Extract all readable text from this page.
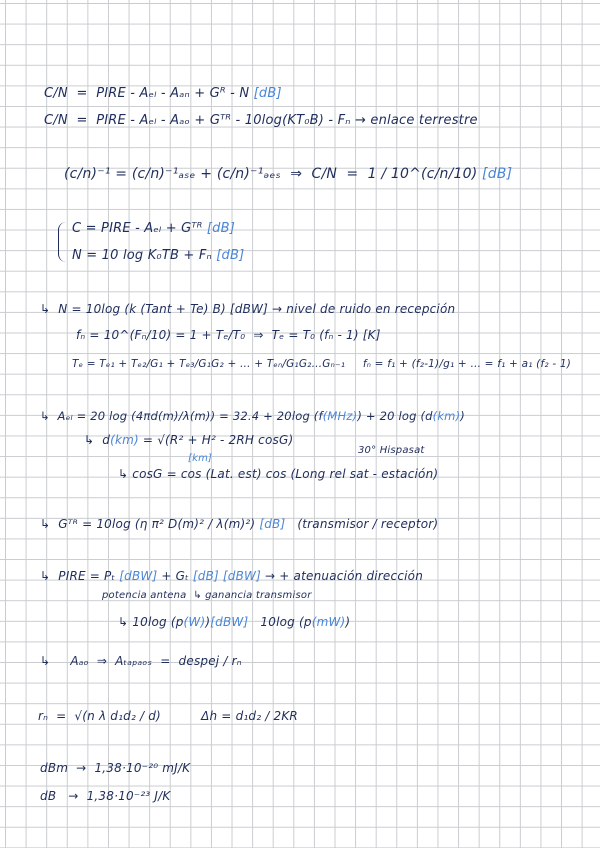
C/N  =  PIRE - Aₑₗ - Aₐₙ + Gᴿ - N [dB]
C/N  =  PIRE - Aₑₗ - Aₐₒ + Gᵀᴿ - 10log(KT₀B) - Fₙ → enlace terrestre
(c/n)⁻¹ = (c/n)⁻¹ₐₛₑ + (c/n)⁻¹ₔₑₛ  ⇒  C/N  =  1 / 10^(c/n/10) [dB]
C = PIRE - Aₑₗ + Gᵀᴿ [dB]
N = 10 log K₀TB + Fₙ [dB]
↳  N = 10log (k (Tant + Te) B) [dBW] → nivel de ruido en recepción
fₙ = 10^(Fₙ/10) = 1 + Tₑ/T₀  ⇒  Tₑ = T₀ (fₙ - 1) [K]
Tₑ = Tₑ₁ + Tₑ₂/G₁ + Tₑ₃/G₁G₂ + … + Tₑₙ/G₁G₂…Gₙ₋₁     fₙ = f₁ + (f₂-1)/g₁ + … = f₁ + a₁ (f₂ - 1)
↳  Aₑₗ = 20 log (4πd(m)/λ(m)) = 32.4 + 20log (f(MHz)) + 20 log (d(km))
30° Hispasat
↳  d(km) = √(R² + H² - 2RH cosG)
[km]
↳ cosG = cos (Lat. est) cos (Long rel sat - estación)
↳  Gᵀᴿ = 10log (η π² D(m)² / λ(m)²) [dB] (transmisor / receptor)
↳  PIRE = Pₜ [dBW] + Gₜ [dB] [dBW] → + atenuación dirección
potencia antena  ↳ ganancia transmisor
↳ 10log (p(W))[dBW]   10log (p(mW))
↳     Aₐₒ  ⇒  Aₜₐₚₐₒₛ  =  despej / rₙ
rₙ  =  √(n λ d₁d₂ / d)          Δh = d₁d₂ / 2KR
dBm  →  1,38·10⁻²⁰ mJ/K
dB   →  1,38·10⁻²³ J/K
